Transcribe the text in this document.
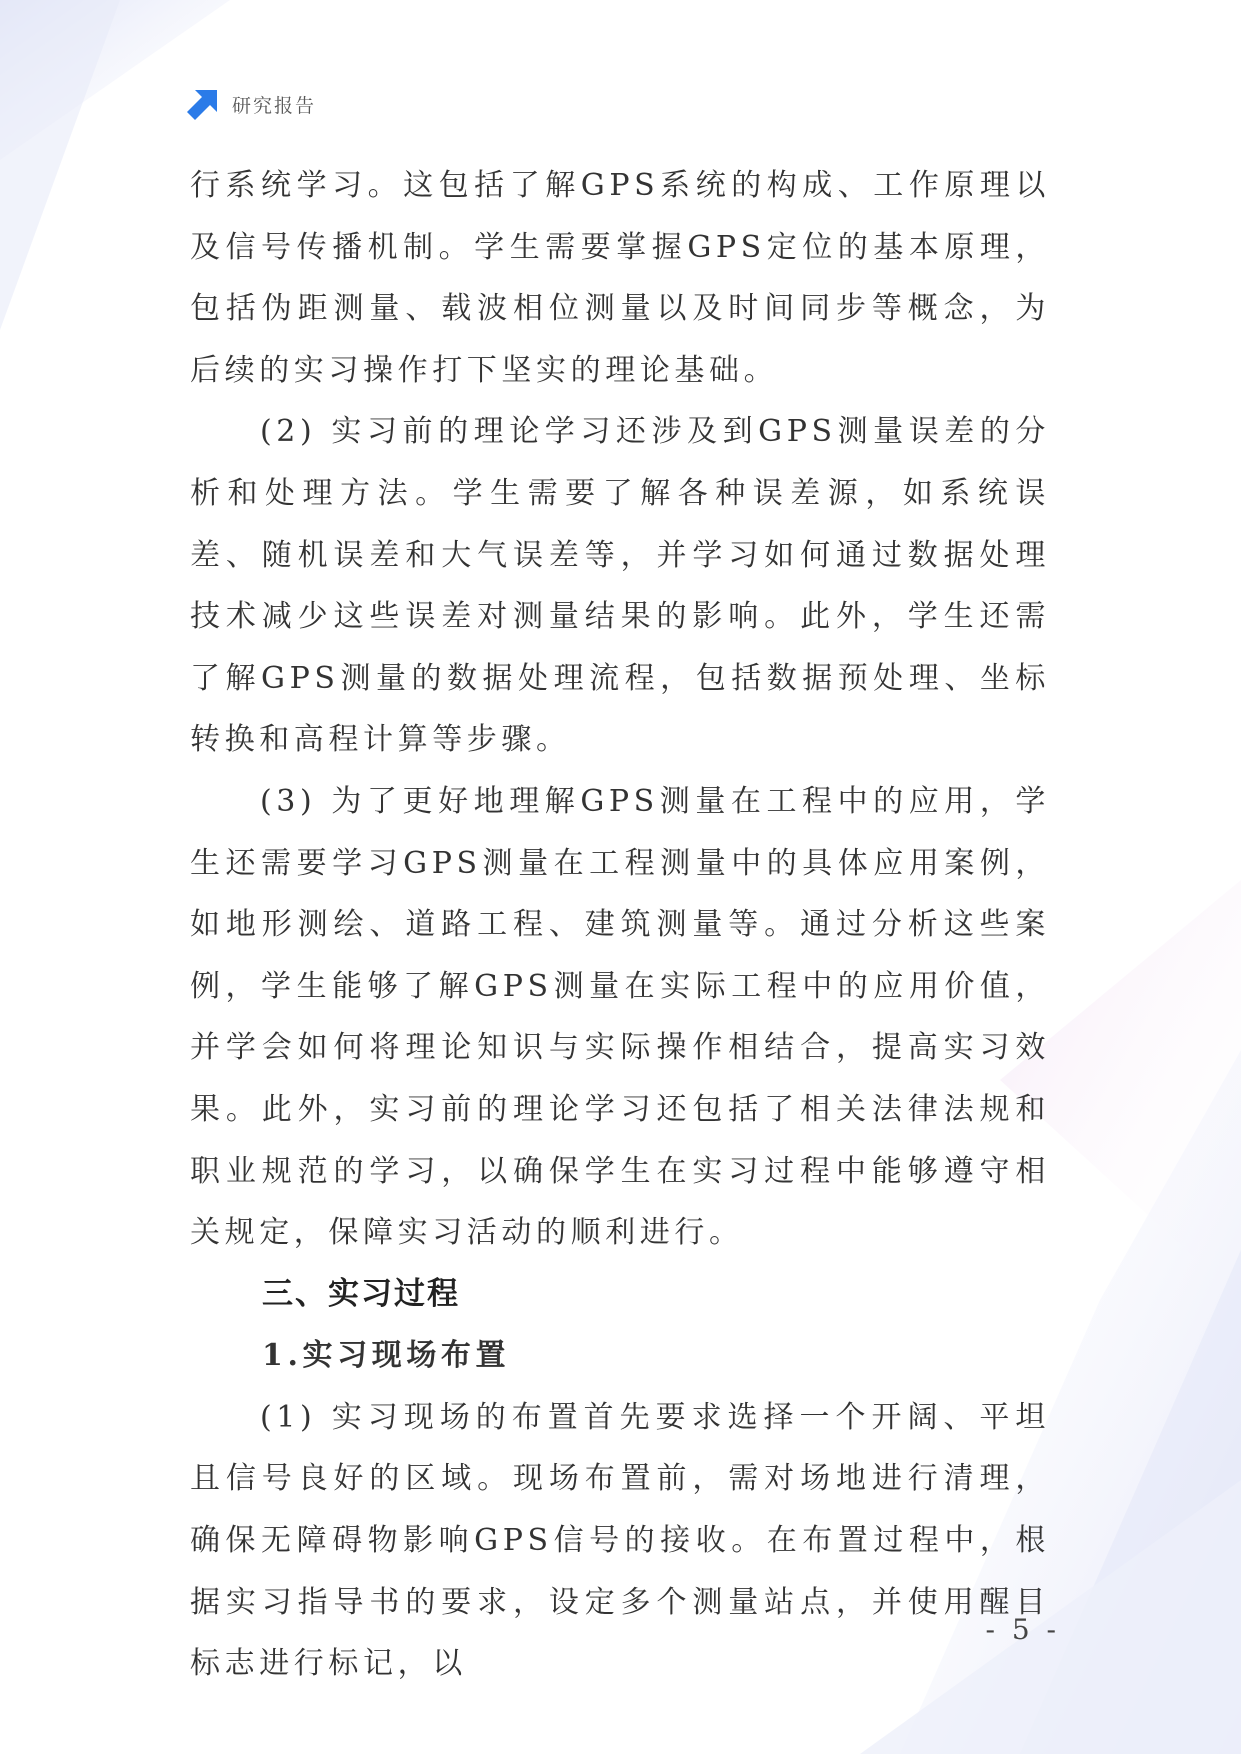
研究报告

行系统学习。这包括了解GPS系统的构成、工作原理以及信号传播机制。学生需要掌握GPS定位的基本原理，包括伪距测量、载波相位测量以及时间同步等概念，为后续的实习操作打下坚实的理论基础。

(2) 实习前的理论学习还涉及到GPS测量误差的分析和处理方法。学生需要了解各种误差源，如系统误差、随机误差和大气误差等，并学习如何通过数据处理技术减少这些误差对测量结果的影响。此外，学生还需了解GPS测量的数据处理流程，包括数据预处理、坐标转换和高程计算等步骤。

(3) 为了更好地理解GPS测量在工程中的应用，学生还需要学习GPS测量在工程测量中的具体应用案例，如地形测绘、道路工程、建筑测量等。通过分析这些案例，学生能够了解GPS测量在实际工程中的应用价值，并学会如何将理论知识与实际操作相结合，提高实习效果。此外，实习前的理论学习还包括了相关法律法规和职业规范的学习，以确保学生在实习过程中能够遵守相关规定，保障实习活动的顺利进行。

三、实习过程
1.实习现场布置

(1) 实习现场的布置首先要求选择一个开阔、平坦且信号良好的区域。现场布置前，需对场地进行清理，确保无障碍物影响GPS信号的接收。在布置过程中，根据实习指导书的要求，设定多个测量站点，并使用醒目标志进行标记，以

- 5 -
